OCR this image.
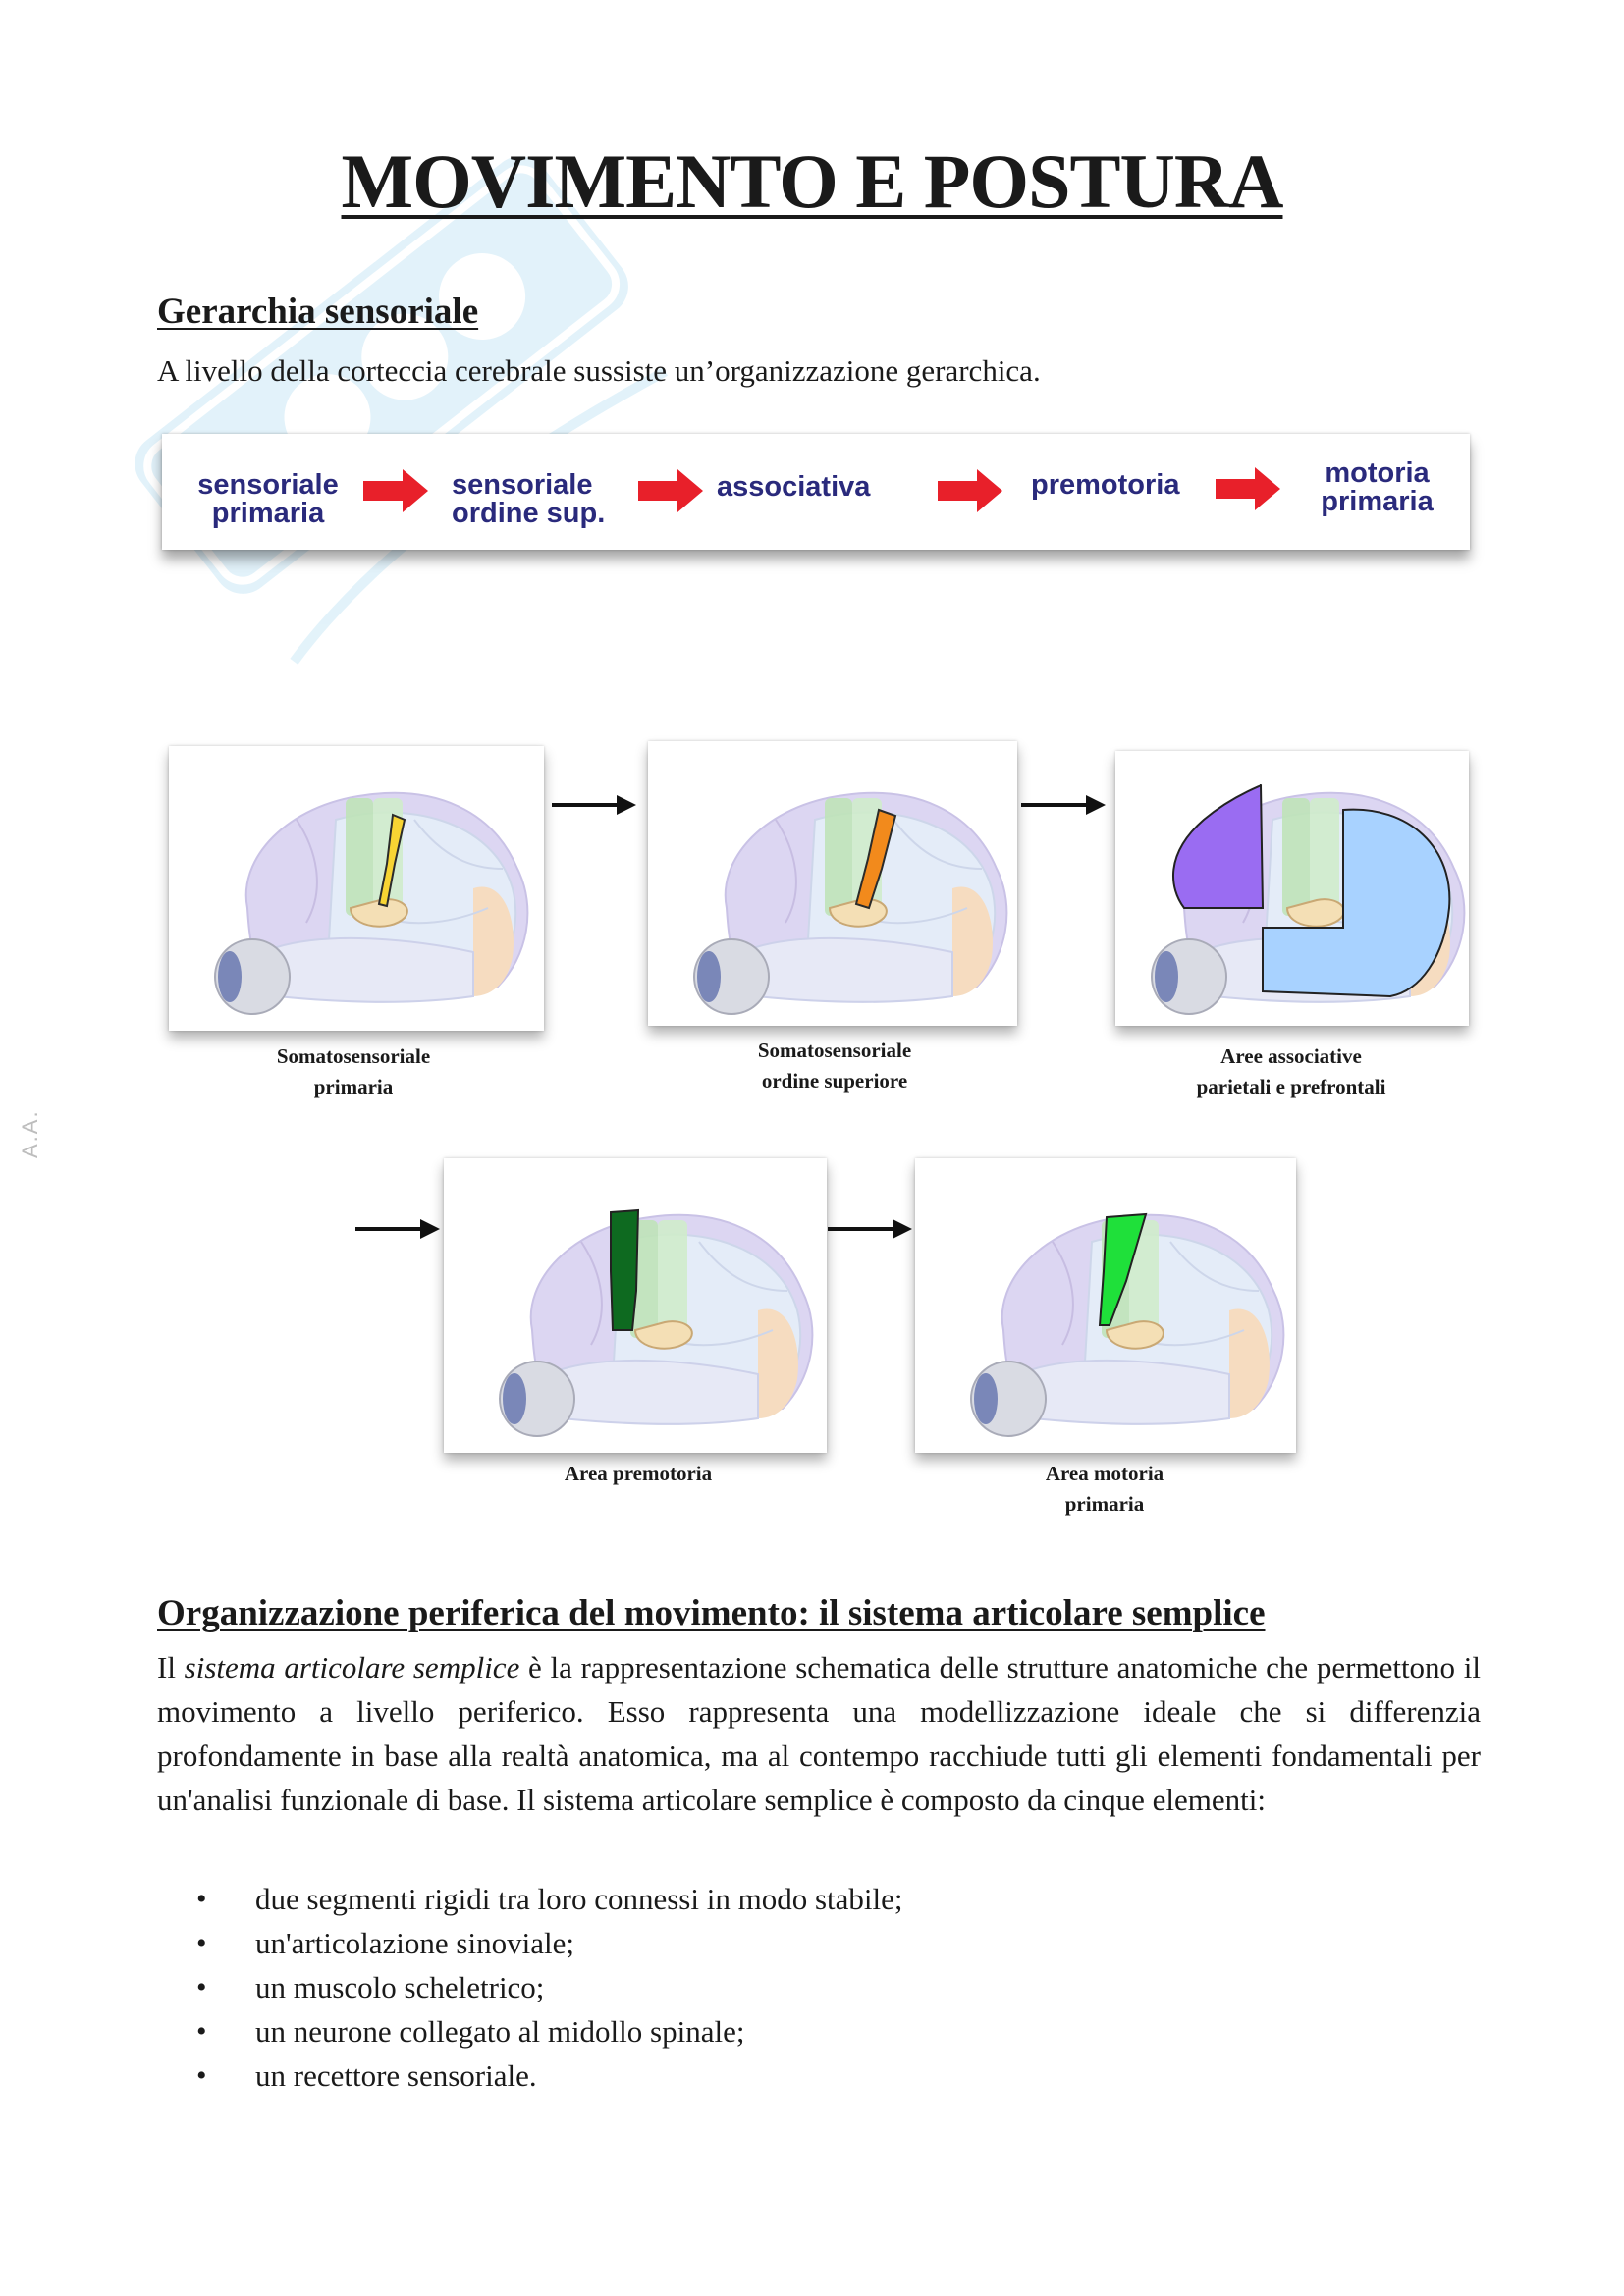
A.A.
MOVIMENTO E POSTURA
Gerarchia sensoriale
A livello della corteccia cerebrale sussiste un’organizzazione gerarchica.
sensoriale
primaria
sensoriale
ordine sup.
associativa	premotoria	motoria
primaria
Somatosensoriale
primaria
Somatosensoriale
ordine superiore
Aree associative
parietali e prefrontali
Area premotoria	Area motoria
primaria
Organizzazione periferica del movimento: il sistema articolare semplice
Il sistema articolare semplice è la rappresentazione schematica delle strutture anatomiche che permettono il movimento a livello periferico. Esso rappresenta una modellizzazione ideale che si differenzia profondamente in base alla realtà anatomica, ma al contempo racchiude tutti gli elementi fondamentali per un'analisi funzionale di base. Il sistema articolare semplice è composto da cinque elementi:
• due segmenti rigidi tra loro connessi in modo stabile;
• un'articolazione sinoviale;
• un muscolo scheletrico;
• un neurone collegato al midollo spinale;
• un recettore sensoriale.
